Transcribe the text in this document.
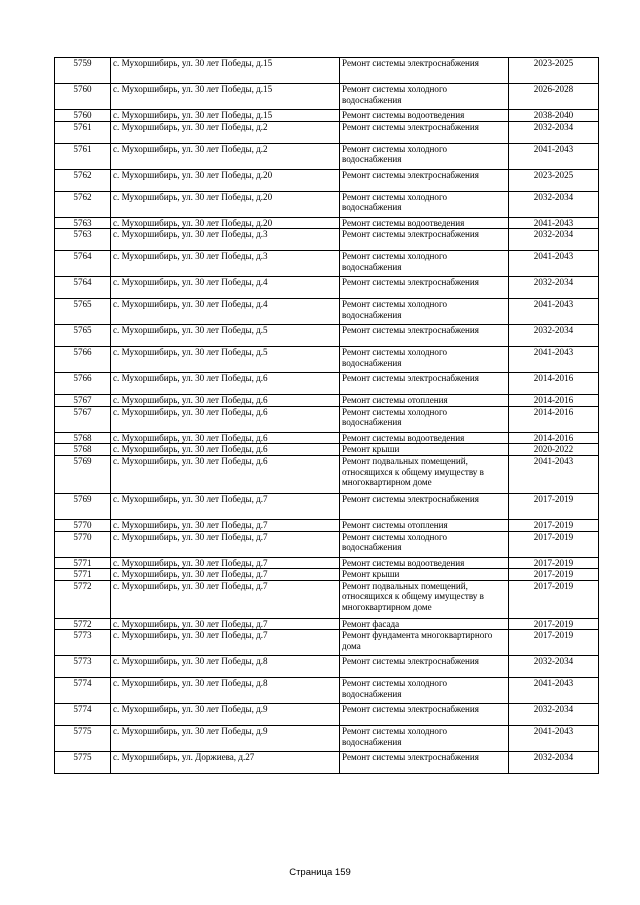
5759	с. Мухоршибирь, ул. 30 лет Победы, д.15	Ремонт системы электроснабжения	2023-2025
5760	с. Мухоршибирь, ул. 30 лет Победы, д.15	Ремонт системы холодного водоснабжения	2026-2028
5760	с. Мухоршибирь, ул. 30 лет Победы, д.15	Ремонт системы водоотведения	2038-2040
5761	с. Мухоршибирь, ул. 30 лет Победы, д.2	Ремонт системы электроснабжения	2032-2034
5761	с. Мухоршибирь, ул. 30 лет Победы, д.2	Ремонт системы холодного водоснабжения	2041-2043
5762	с. Мухоршибирь, ул. 30 лет Победы, д.20	Ремонт системы электроснабжения	2023-2025
5762	с. Мухоршибирь, ул. 30 лет Победы, д.20	Ремонт системы холодного водоснабжения	2032-2034
5763	с. Мухоршибирь, ул. 30 лет Победы, д.20	Ремонт системы водоотведения	2041-2043
5763	с. Мухоршибирь, ул. 30 лет Победы, д.3	Ремонт системы электроснабжения	2032-2034
5764	с. Мухоршибирь, ул. 30 лет Победы, д.3	Ремонт системы холодного водоснабжения	2041-2043
5764	с. Мухоршибирь, ул. 30 лет Победы, д.4	Ремонт системы электроснабжения	2032-2034
5765	с. Мухоршибирь, ул. 30 лет Победы, д.4	Ремонт системы холодного водоснабжения	2041-2043
5765	с. Мухоршибирь, ул. 30 лет Победы, д.5	Ремонт системы электроснабжения	2032-2034
5766	с. Мухоршибирь, ул. 30 лет Победы, д.5	Ремонт системы холодного водоснабжения	2041-2043
5766	с. Мухоршибирь, ул. 30 лет Победы, д.6	Ремонт системы электроснабжения	2014-2016
5767	с. Мухоршибирь, ул. 30 лет Победы, д.6	Ремонт системы отопления	2014-2016
5767	с. Мухоршибирь, ул. 30 лет Победы, д.6	Ремонт системы холодного водоснабжения	2014-2016
5768	с. Мухоршибирь, ул. 30 лет Победы, д.6	Ремонт системы водоотведения	2014-2016
5768	с. Мухоршибирь, ул. 30 лет Победы, д.6	Ремонт крыши	2020-2022
5769	с. Мухоршибирь, ул. 30 лет Победы, д.6	Ремонт подвальных помещений, относящихся к общему имуществу в многоквартирном доме	2041-2043
5769	с. Мухоршибирь, ул. 30 лет Победы, д.7	Ремонт системы электроснабжения	2017-2019
5770	с. Мухоршибирь, ул. 30 лет Победы, д.7	Ремонт системы отопления	2017-2019
5770	с. Мухоршибирь, ул. 30 лет Победы, д.7	Ремонт системы холодного водоснабжения	2017-2019
5771	с. Мухоршибирь, ул. 30 лет Победы, д.7	Ремонт системы водоотведения	2017-2019
5771	с. Мухоршибирь, ул. 30 лет Победы, д.7	Ремонт крыши	2017-2019
5772	с. Мухоршибирь, ул. 30 лет Победы, д.7	Ремонт подвальных помещений, относящихся к общему имуществу в многоквартирном доме	2017-2019
5772	с. Мухоршибирь, ул. 30 лет Победы, д.7	Ремонт фасада	2017-2019
5773	с. Мухоршибирь, ул. 30 лет Победы, д.7	Ремонт фундамента многоквартирного дома	2017-2019
5773	с. Мухоршибирь, ул. 30 лет Победы, д.8	Ремонт системы электроснабжения	2032-2034
5774	с. Мухоршибирь, ул. 30 лет Победы, д.8	Ремонт системы холодного водоснабжения	2041-2043
5774	с. Мухоршибирь, ул. 30 лет Победы, д.9	Ремонт системы электроснабжения	2032-2034
5775	с. Мухоршибирь, ул. 30 лет Победы, д.9	Ремонт системы холодного водоснабжения	2041-2043
5775	с. Мухоршибирь, ул. Доржиева, д.27	Ремонт системы электроснабжения	2032-2034
Страница 159
